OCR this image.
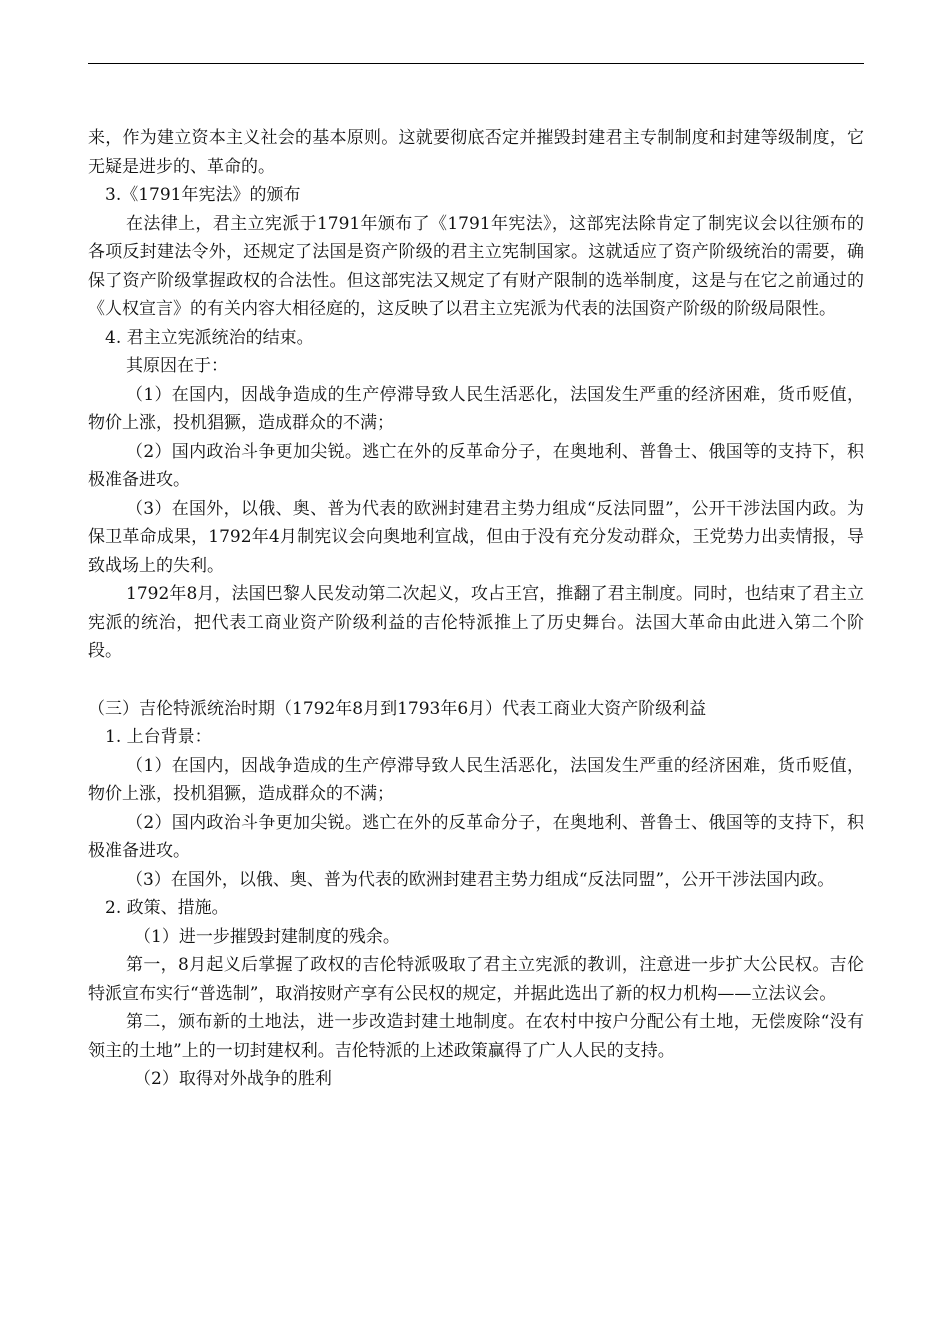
来，作为建立资本主义社会的基本原则。这就要彻底否定并摧毁封建君主专制制度和封建等级制度，它无疑是进步的、革命的。

3.《1791年宪法》的颁布

在法律上，君主立宪派于1791年颁布了《1791年宪法》，这部宪法除肯定了制宪议会以往颁布的各项反封建法令外，还规定了法国是资产阶级的君主立宪制国家。这就适应了资产阶级统治的需要，确保了资产阶级掌握政权的合法性。但这部宪法又规定了有财产限制的选举制度，这是与在它之前通过的《人权宣言》的有关内容大相径庭的，这反映了以君主立宪派为代表的法国资产阶级的阶级局限性。

4. 君主立宪派统治的结束。

其原因在于：

（1）在国内，因战争造成的生产停滞导致人民生活恶化，法国发生严重的经济困难，货币贬值，物价上涨，投机猖獗，造成群众的不满；

（2）国内政治斗争更加尖锐。逃亡在外的反革命分子，在奥地利、普鲁士、俄国等的支持下，积极准备进攻。

（3）在国外，以俄、奥、普为代表的欧洲封建君主势力组成“反法同盟”，公开干涉法国内政。为保卫革命成果，1792年4月制宪议会向奥地利宣战，但由于没有充分发动群众，王党势力出卖情报，导致战场上的失利。

1792年8月，法国巴黎人民发动第二次起义，攻占王宫，推翻了君主制度。同时，也结束了君主立宪派的统治，把代表工商业资产阶级利益的吉伦特派推上了历史舞台。法国大革命由此进入第二个阶段。

（三）吉伦特派统治时期（1792年8月到1793年6月）代表工商业大资产阶级利益

1. 上台背景：

（1）在国内，因战争造成的生产停滞导致人民生活恶化，法国发生严重的经济困难，货币贬值，物价上涨，投机猖獗，造成群众的不满；

（2）国内政治斗争更加尖锐。逃亡在外的反革命分子，在奥地利、普鲁士、俄国等的支持下，积极准备进攻。

（3）在国外，以俄、奥、普为代表的欧洲封建君主势力组成“反法同盟”，公开干涉法国内政。

2. 政策、措施。

（1）进一步摧毁封建制度的残余。

第一，8月起义后掌握了政权的吉伦特派吸取了君主立宪派的教训，注意进一步扩大公民权。吉伦特派宣布实行“普选制”，取消按财产享有公民权的规定，并据此选出了新的权力机构——立法议会。

第二，颁布新的土地法，进一步改造封建土地制度。在农村中按户分配公有土地，无偿废除“没有领主的土地”上的一切封建权利。吉伦特派的上述政策赢得了广人人民的支持。

（2）取得对外战争的胜利
